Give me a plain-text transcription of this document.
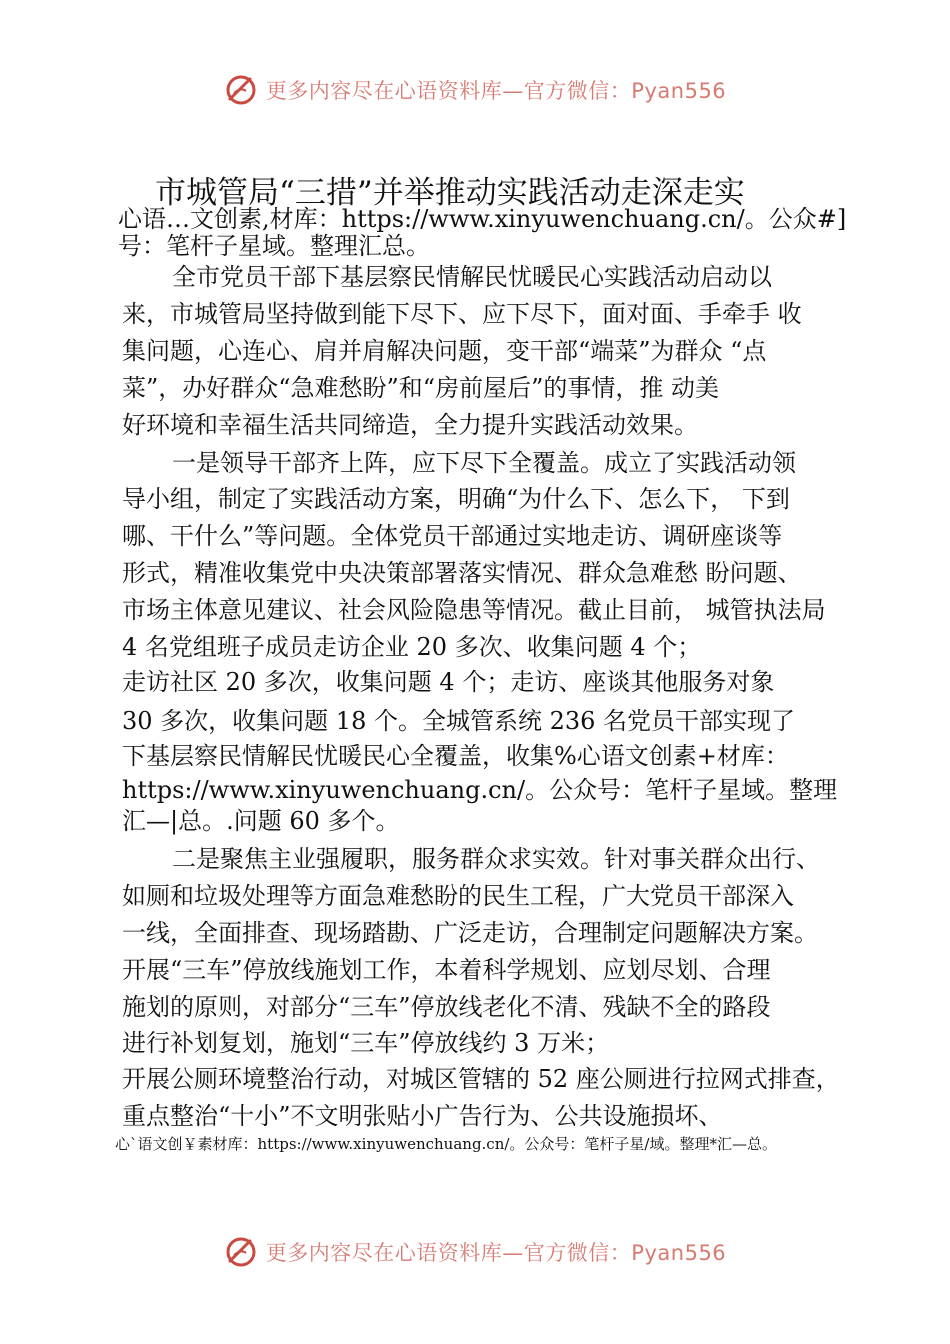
更多内容尽在心语资料库—官方微信：Pyan556
市城管局“三措”并举推动实践活动走深走实
心语…文创素,材库：https://www.xinyuwenchuang.cn/。公众#]
号：笔杆子星域。整理汇总。
全市党员干部下基层察民情解民忧暖民心实践活动启动以
来，市城管局坚持做到能下尽下、应下尽下，面对面、手牵手 收
集问题，心连心、肩并肩解决问题，变干部“端菜”为群众 “点
菜”，办好群众“急难愁盼”和“房前屋后”的事情，推 动美
好环境和幸福生活共同缔造，全力提升实践活动效果。
一是领导干部齐上阵，应下尽下全覆盖。成立了实践活动领
导小组，制定了实践活动方案，明确“为什么下、怎么下， 下到
哪、干什么”等问题。全体党员干部通过实地走访、调研座谈等
形式，精准收集党中央决策部署落实情况、群众急难愁 盼问题、
市场主体意见建议、社会风险隐患等情况。截止目前， 城管执法局
4 名党组班子成员走访企业 20 多次、收集问题 4 个；
走访社区 20 多次，收集问题 4 个；走访、座谈其他服务对象
30 多次，收集问题 18 个。全城管系统 236 名党员干部实现了
下基层察民情解民忧暖民心全覆盖，收集%心语文创素+材库：
https://www.xinyuwenchuang.cn/。公众号：笔杆子星域。整理
汇—|总。.问题 60 多个。
二是聚焦主业强履职，服务群众求实效。针对事关群众出行、
如厕和垃圾处理等方面急难愁盼的民生工程，广大党员干部深入
一线，全面排查、现场踏勘、广泛走访，合理制定问题解决方案。
开展“三车”停放线施划工作，本着科学规划、应划尽划、合理
施划的原则，对部分“三车”停放线老化不清、残缺不全的路段
进行补划复划，施划“三车”停放线约 3 万米；
开展公厕环境整治行动，对城区管辖的 52 座公厕进行拉网式排查，
重点整治“十小”不文明张贴小广告行为、公共设施损坏、
心`语文创￥素材库：https://www.xinyuwenchuang.cn/。公众号：笔杆子星/域。整理*汇—总。
更多内容尽在心语资料库—官方微信：Pyan556
